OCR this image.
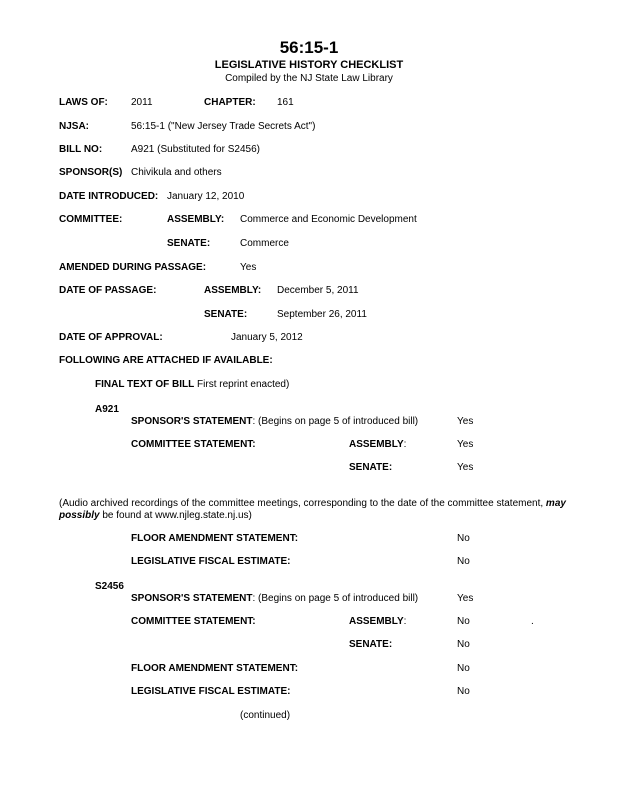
56:15-1
LEGISLATIVE HISTORY CHECKLIST
Compiled by the NJ State Law Library
LAWS OF: 2011	CHAPTER: 161
NJSA:	56:15-1 ("New Jersey Trade Secrets Act")
BILL NO:	A921 (Substituted for S2456)
SPONSOR(S) Chivikula and others
DATE INTRODUCED: January 12, 2010
COMMITTEE:	ASSEMBLY: Commerce and Economic Development
SENATE:	Commerce
AMENDED DURING PASSAGE:	Yes
DATE OF PASSAGE:	ASSEMBLY: December 5, 2011
SENATE:	September 26, 2011
DATE OF APPROVAL:	January 5, 2012
FOLLOWING ARE ATTACHED IF AVAILABLE:
FINAL TEXT OF BILL First reprint enacted)
A921
SPONSOR'S STATEMENT: (Begins on page 5 of introduced bill)	Yes
COMMITTEE STATEMENT:	ASSEMBLY:	Yes
SENATE:	Yes
(Audio archived recordings of the committee meetings, corresponding to the date of the committee statement, may possibly be found at www.njleg.state.nj.us)
FLOOR AMENDMENT STATEMENT:	No
LEGISLATIVE FISCAL ESTIMATE:	No
S2456
SPONSOR'S STATEMENT: (Begins on page 5 of introduced bill)	Yes
COMMITTEE STATEMENT:	ASSEMBLY:	No	.
SENATE:	No
FLOOR AMENDMENT STATEMENT:	No
LEGISLATIVE FISCAL ESTIMATE:	No
(continued)
